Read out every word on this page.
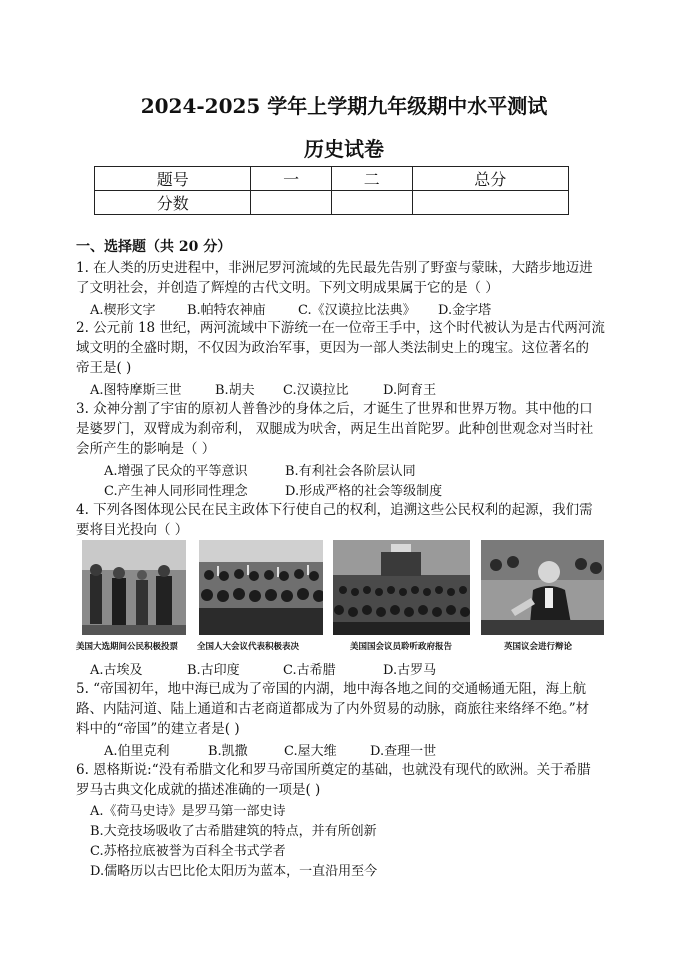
2024-2025 学年上学期九年级期中水平测试
历史试卷
题号	一	二	总分
分数			
一、选择题（共 20 分）
1. 在人类的历史进程中，非洲尼罗河流域的先民最先告别了野蛮与蒙昧，大踏步地迈进
了文明社会，并创造了辉煌的古代文明。下列文明成果属于它的是（ ）
A.楔形文字 B.帕特农神庙 C.《汉谟拉比法典》 D.金字塔
2. 公元前 18 世纪，两河流域中下游统一在一位帝王手中，这个时代被认为是古代两河流
域文明的全盛时期，不仅因为政治军事，更因为一部人类法制史上的瑰宝。这位著名的
帝王是( )
A.图特摩斯三世	B.胡夫 C.汉谟拉比	D.阿育王
3. 众神分割了宇宙的原初人普鲁沙的身体之后，才诞生了世界和世界万物。其中他的口
是婆罗门，双臂成为刹帝利， 双腿成为吠舍，两足生出首陀罗。此种创世观念对当时社
会所产生的影响是（ ）
A.增强了民众的平等意识	B.有利社会各阶层认同
C.产生神人同形同性理念	D.形成严格的社会等级制度
4. 下列各图体现公民在民主政体下行使自己的权利，追溯这些公民权利的起源，我们需
要将目光投向（ ）
美国大选期间公民积极投票 全国人大会议代表积极表决	美国国会议员聆听政府报告	英国议会进行辩论
A.古埃及	B.古印度	C.古希腊	D.古罗马
5. “帝国初年，地中海已成为了帝国的内湖，地中海各地之间的交通畅通无阻，海上航
路、内陆河道、陆上通道和古老商道都成为了内外贸易的动脉，商旅往来络绎不绝。”材
料中的“帝国”的建立者是( )
A.伯里克利	B.凯撒	C.屋大维	D.查理一世
6. 恩格斯说:“没有希腊文化和罗马帝国所奠定的基础，也就没有现代的欧洲。关于希腊
罗马古典文化成就的描述准确的一项是( )
A.《荷马史诗》是罗马第一部史诗
B.大竞技场吸收了古希腊建筑的特点，并有所创新
C.苏格拉底被誉为百科全书式学者
D.儒略历以古巴比伦太阳历为蓝本，一直沿用至今
